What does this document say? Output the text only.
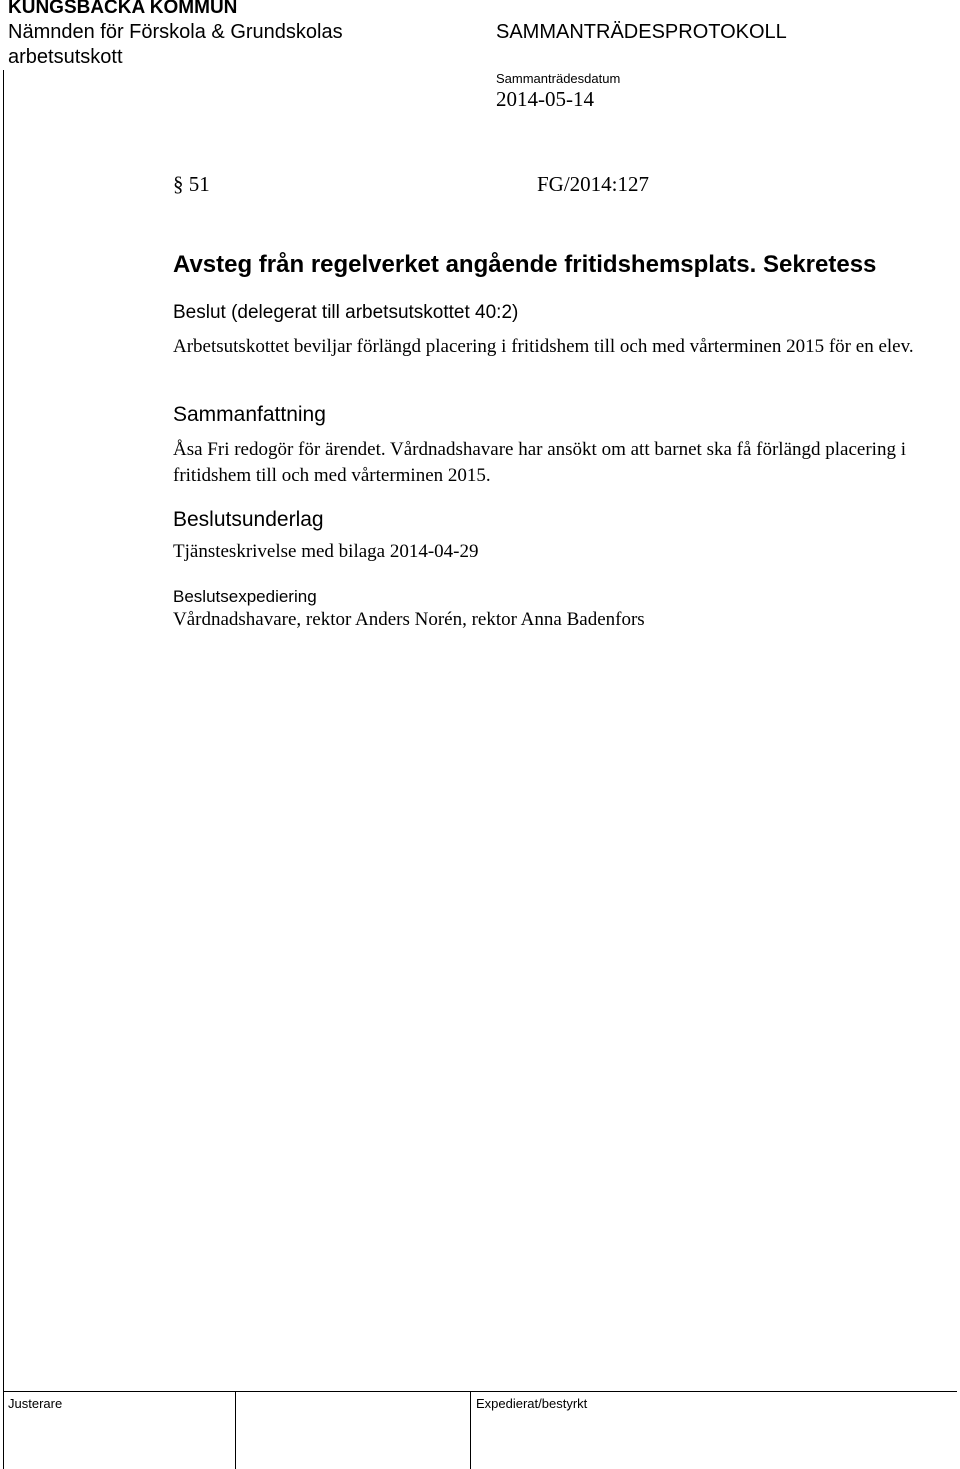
KUNGSBACKA KOMMUN
Nämnden för Förskola & Grundskolas
arbetsutskott
SAMMANTRÄDESPROTOKOLL
Sammanträdesdatum
2014-05-14
§ 51	FG/2014:127
Avsteg från regelverket angående fritidshemsplats. Sekretess
Beslut (delegerat till arbetsutskottet 40:2)
Arbetsutskottet beviljar förlängd placering i fritidshem till och med vårterminen 2015 för en elev.
Sammanfattning
Åsa Fri redogör för ärendet. Vårdnadshavare har ansökt om att barnet ska få förlängd placering i fritidshem till och med vårterminen 2015.
Beslutsunderlag
Tjänsteskrivelse med bilaga 2014-04-29
Beslutsexpediering
Vårdnadshavare, rektor Anders Norén, rektor Anna Badenfors
Justerare	Expedierat/bestyrkt
